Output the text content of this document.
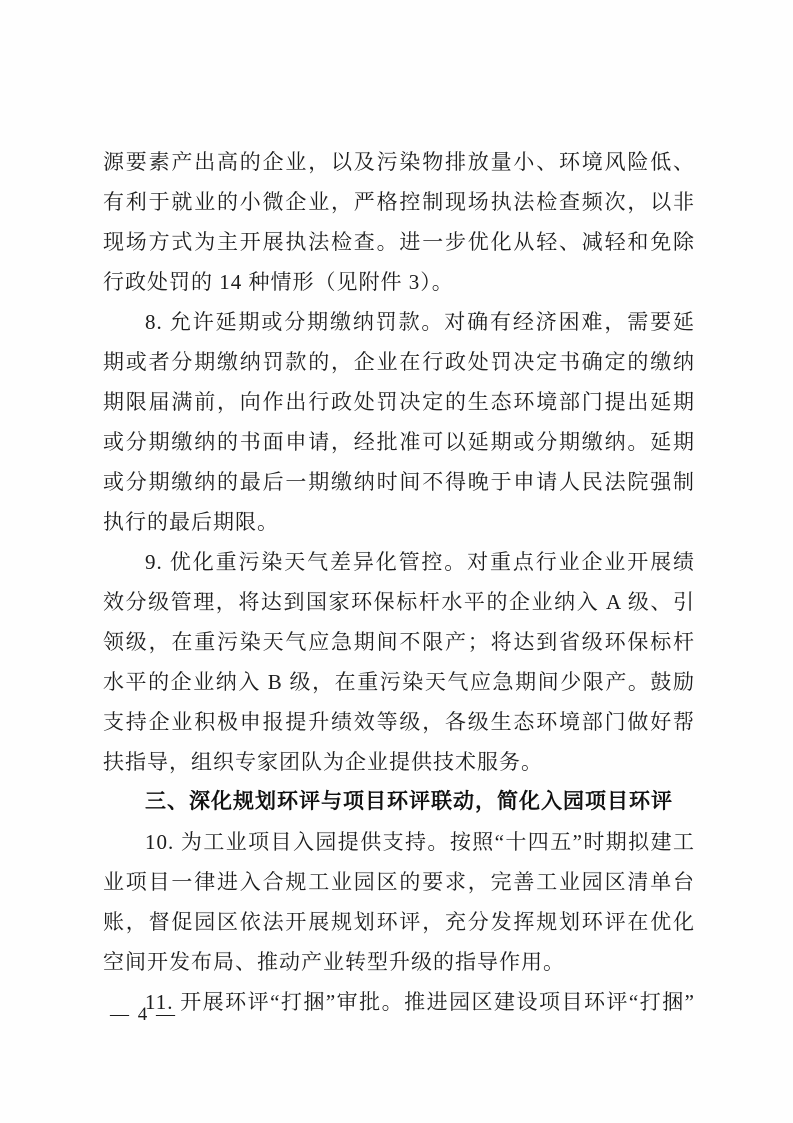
源要素产出高的企业，以及污染物排放量小、环境风险低、有利于就业的小微企业，严格控制现场执法检查频次，以非现场方式为主开展执法检查。进一步优化从轻、减轻和免除行政处罚的 14 种情形（见附件 3）。

8. 允许延期或分期缴纳罚款。对确有经济困难，需要延期或者分期缴纳罚款的，企业在行政处罚决定书确定的缴纳期限届满前，向作出行政处罚决定的生态环境部门提出延期或分期缴纳的书面申请，经批准可以延期或分期缴纳。延期或分期缴纳的最后一期缴纳时间不得晚于申请人民法院强制执行的最后期限。

9. 优化重污染天气差异化管控。对重点行业企业开展绩效分级管理，将达到国家环保标杆水平的企业纳入 A 级、引领级，在重污染天气应急期间不限产；将达到省级环保标杆水平的企业纳入 B 级，在重污染天气应急期间少限产。鼓励支持企业积极申报提升绩效等级，各级生态环境部门做好帮扶指导，组织专家团队为企业提供技术服务。

三、深化规划环评与项目环评联动，简化入园项目环评

10. 为工业项目入园提供支持。按照“十四五”时期拟建工业项目一律进入合规工业园区的要求，完善工业园区清单台账，督促园区依法开展规划环评，充分发挥规划环评在优化空间开发布局、推动产业转型升级的指导作用。

11. 开展环评“打捆”审批。推进园区建设项目环评“打捆”

— 4 —
